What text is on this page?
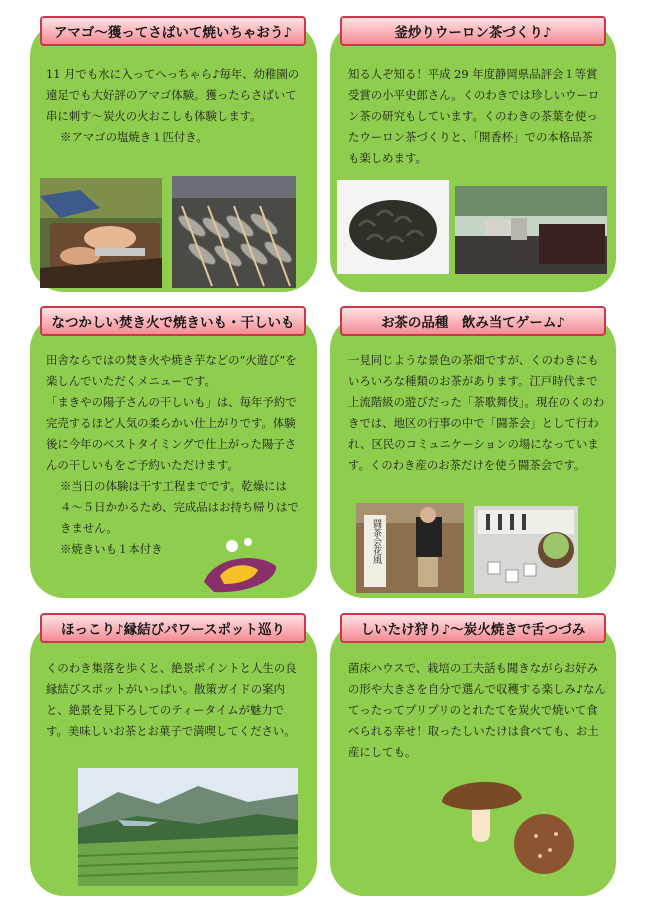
アマゴ〜獲ってさばいて焼いちゃおう♪

11 月でも水に入ってへっちゃら♪毎年、幼稚園の遠足でも大好評のアマゴ体験。獲ったらさばいて串に刺す〜炭火の火おこしも体験します。

※アマゴの塩焼き１匹付き。

釜炒りウーロン茶づくり♪

知る人ぞ知る！平成 29 年度静岡県品評会１等賞受賞の小平史郎さん。くのわきでは珍しいウーロン茶の研究もしています。くのわきの茶葉を使ったウーロン茶づくりと、「開香杯」での本格品茶も楽しめます。

なつかしい焚き火で焼きいも・干しいも

田舎ならではの焚き火や焼き芋などの“火遊び”を楽しんでいただくメニューです。

「まきやの陽子さんの干しいも」は、毎年予約で完売するほど人気の柔らかい仕上がりです。体験後に今年のベストタイミングで仕上がった陽子さんの干しいもをご予約いただけます。

※当日の体験は干す工程までです。乾燥には４〜５日かかるため、完成品はお持ち帰りはできません。

※焼きいも１本付き

お茶の品種　飲み当てゲーム♪

一見同じような景色の茶畑ですが、くのわきにもいろいろな種類のお茶があります。江戸時代まで上流階級の遊びだった「茶歌舞伎」。現在のくのわきでは、地区の行事の中で「闘茶会」として行われ、区民のコミュニケーションの場になっています。くのわき産のお茶だけを使う闘茶会です。

闘茶会花風
ほっこり♪縁結びパワースポット巡り

くのわき集落を歩くと、絶景ポイントと人生の良縁結びスポットがいっぱい。散策ガイドの案内と、絶景を見下ろしてのティータイムが魅力です。美味しいお茶とお菓子で満喫してください。

しいたけ狩り♪〜炭火焼きで舌つづみ

菌床ハウスで、栽培の工夫話も聞きながらお好みの形や大きさを自分で選んで収穫する楽しみ♪なんてったってプリプリのとれたてを炭火で焼いて食べられる幸せ！取ったしいたけは食べても、お土産にしても。
